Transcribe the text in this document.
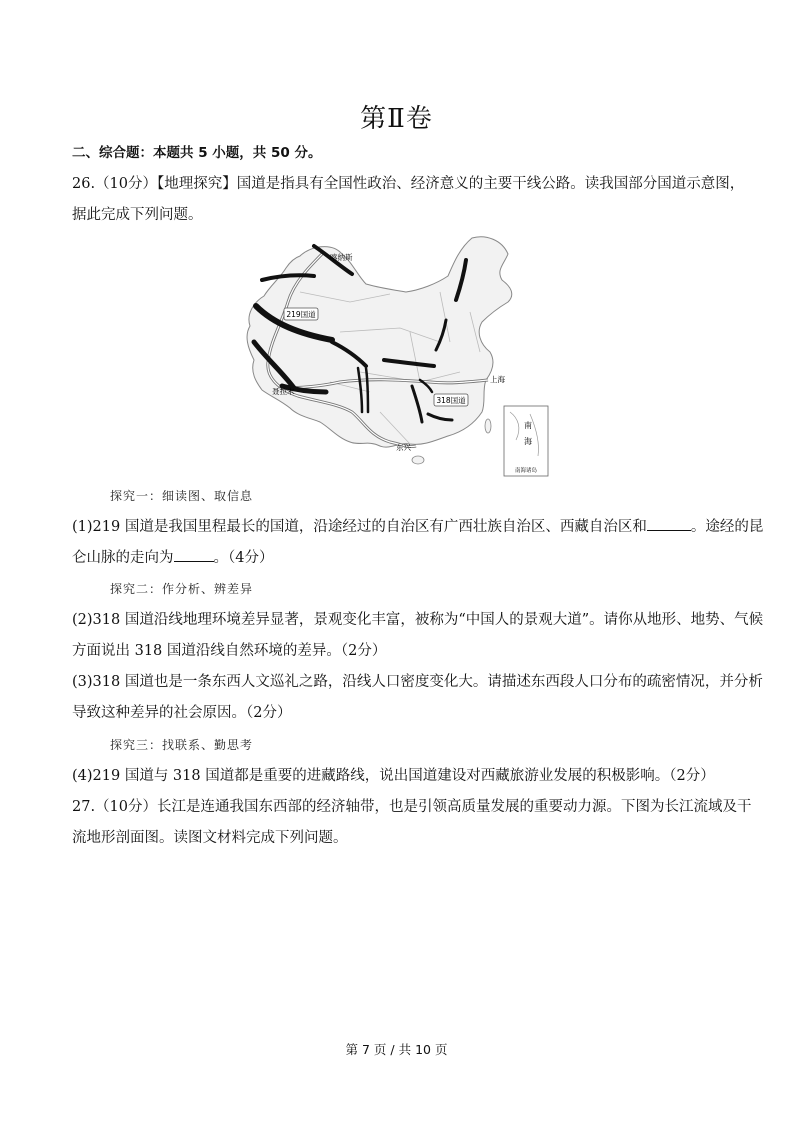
第Ⅱ卷
二、综合题：本题共 5 小题，共 50 分。
26.（10分）【地理探究】国道是指具有全国性政治、经济意义的主要干线公路。读我国部分国道示意图，
据此完成下列问题。
219国道
318国道
喀纳斯
上海
聂拉木
东兴
南
海
南海诸岛
探究一：细读图、取信息
(1)219 国道是我国里程最长的国道，沿途经过的自治区有广西壮族自治区、西藏自治区和	。途经的昆
仑山脉的走向为	。（4分）
探究二：作分析、辨差异
(2)318 国道沿线地理环境差异显著，景观变化丰富，被称为“中国人的景观大道”。请你从地形、地势、气候
方面说出 318 国道沿线自然环境的差异。（2分）
(3)318 国道也是一条东西人文巡礼之路，沿线人口密度变化大。请描述东西段人口分布的疏密情况，并分析
导致这种差异的社会原因。（2分）
探究三：找联系、勤思考
(4)219 国道与 318 国道都是重要的进藏路线，说出国道建设对西藏旅游业发展的积极影响。（2分）
27.（10分）长江是连通我国东西部的经济轴带，也是引领高质量发展的重要动力源。下图为长江流域及干
流地形剖面图。读图文材料完成下列问题。
第 7 页 / 共 10 页
